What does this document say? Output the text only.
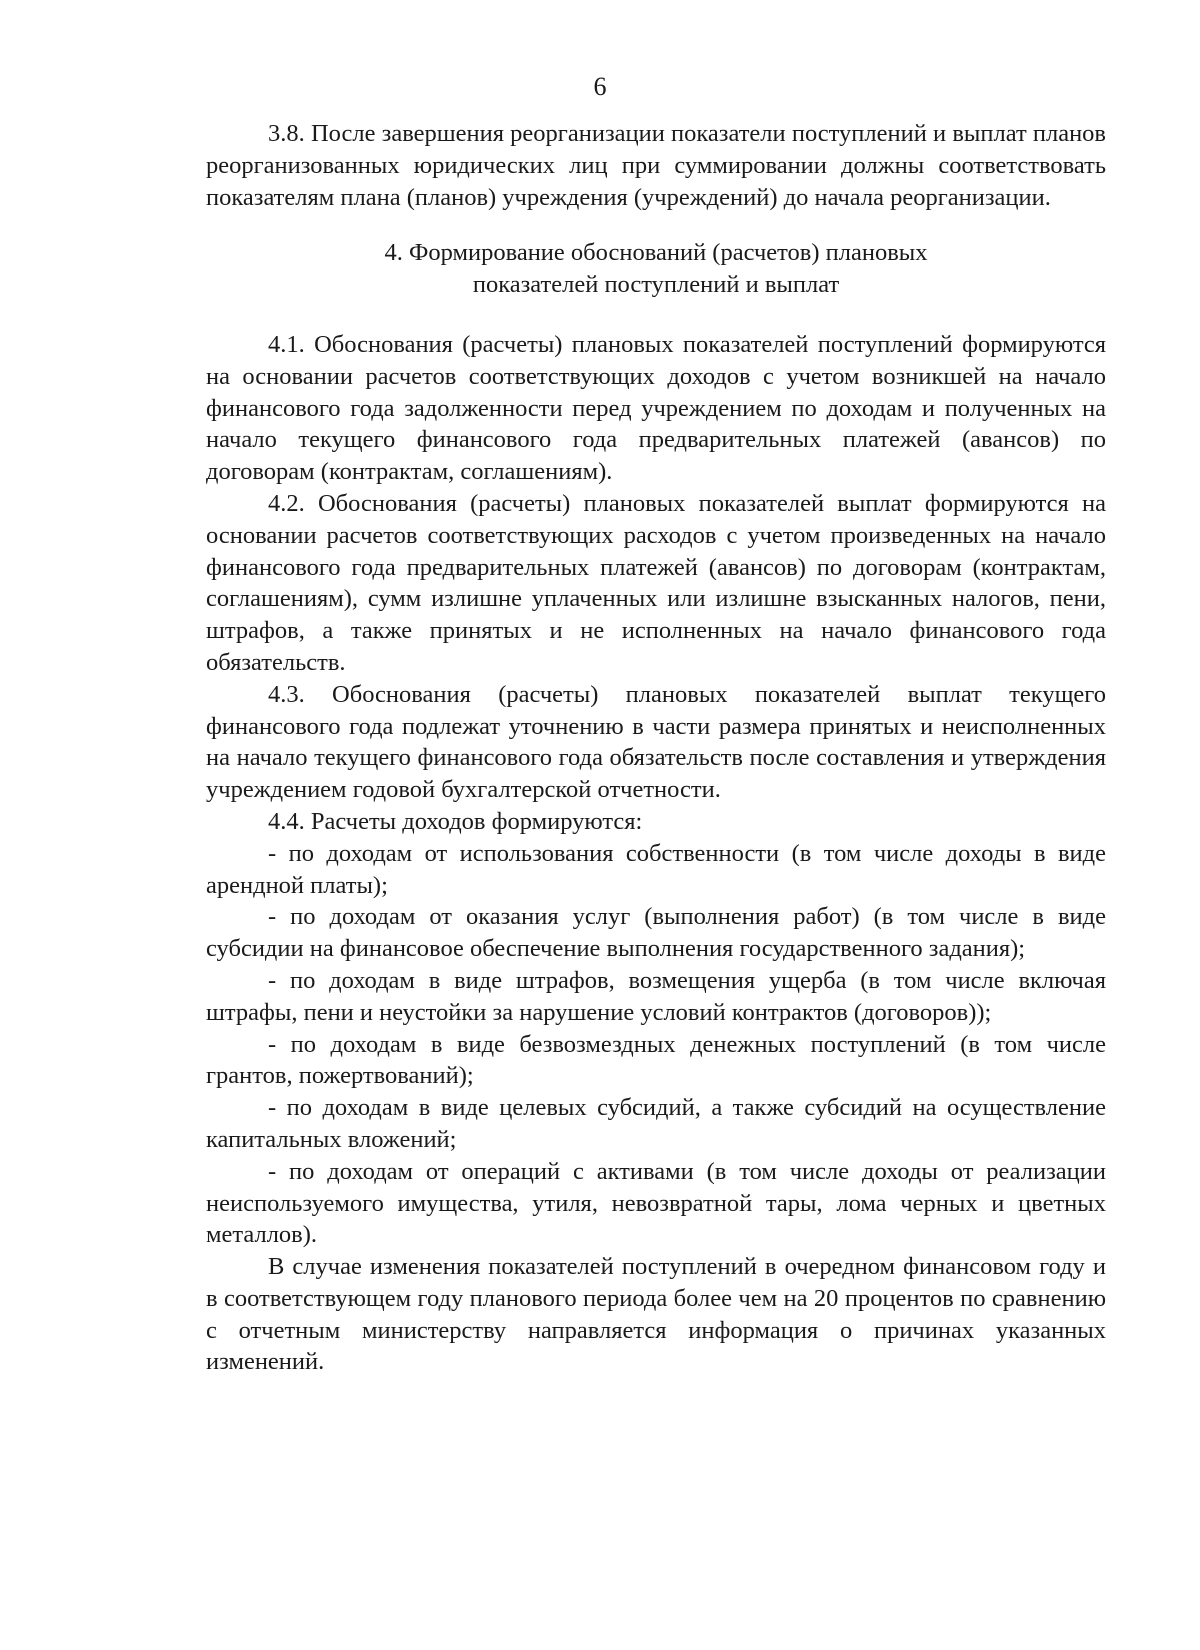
6

3.8. После завершения реорганизации показатели поступлений и выплат планов реорганизованных юридических лиц при суммировании должны соответствовать показателям плана (планов) учреждения (учреждений) до начала реорганизации.

4. Формирование обоснований (расчетов) плановых
показателей поступлений и выплат

4.1. Обоснования (расчеты) плановых показателей поступлений формируются на основании расчетов соответствующих доходов с учетом возникшей на начало финансового года задолженности перед учреждением по доходам и полученных на начало текущего финансового года предварительных платежей (авансов) по договорам (контрактам, соглашениям).

4.2. Обоснования (расчеты) плановых показателей выплат формируются на основании расчетов соответствующих расходов с учетом произведенных на начало финансового года предварительных платежей (авансов) по договорам (контрактам, соглашениям), сумм излишне уплаченных или излишне взысканных налогов, пени, штрафов, а также принятых и не исполненных на начало финансового года обязательств.

4.3. Обоснования (расчеты) плановых показателей выплат текущего финансового года подлежат уточнению в части размера принятых и неисполненных на начало текущего финансового года обязательств после составления и утверждения учреждением годовой бухгалтерской отчетности.

4.4. Расчеты доходов формируются:

- по доходам от использования собственности (в том числе доходы в виде арендной платы);

- по доходам от оказания услуг (выполнения работ) (в том числе в виде субсидии на финансовое обеспечение выполнения государственного задания);

- по доходам в виде штрафов, возмещения ущерба (в том числе включая штрафы, пени и неустойки за нарушение условий контрактов (договоров));

- по доходам в виде безвозмездных денежных поступлений (в том числе грантов, пожертвований);

- по доходам в виде целевых субсидий, а также субсидий на осуществление капитальных вложений;

- по доходам от операций с активами (в том числе доходы от реализации неиспользуемого имущества, утиля, невозвратной тары, лома черных и цветных металлов).

В случае изменения показателей поступлений в очередном финансовом году и в соответствующем году планового периода более чем на 20 процентов по сравнению с отчетным министерству направляется информация о причинах указанных изменений.
